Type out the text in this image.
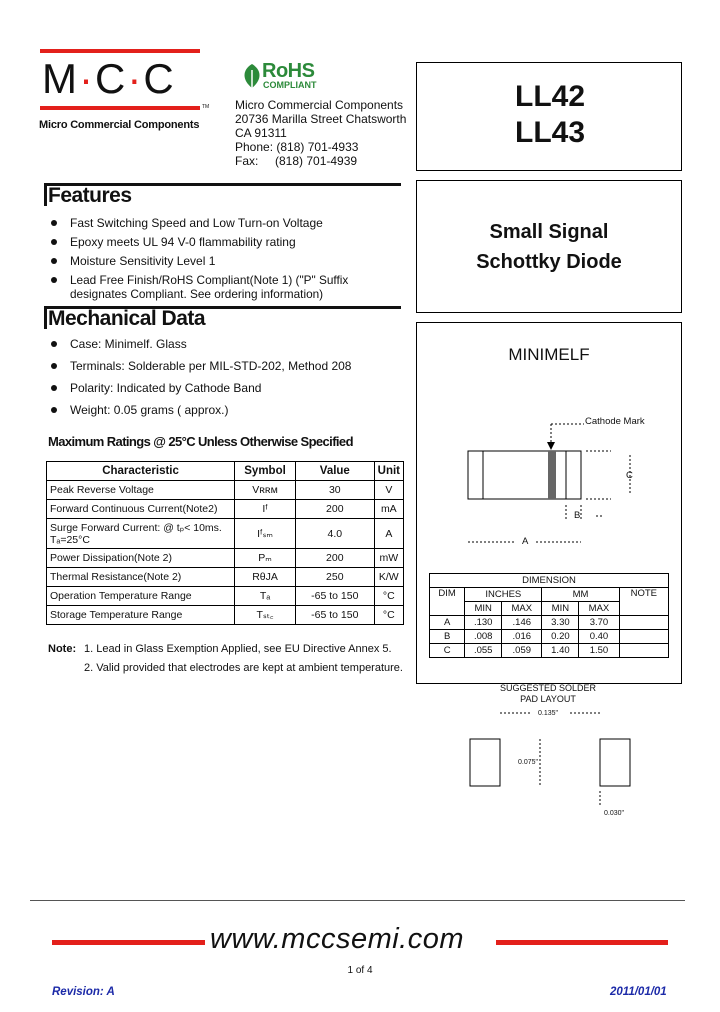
M·C·C
TM
Micro Commercial Components
RoHS
COMPLIANT
Micro Commercial Components
20736 Marilla Street Chatsworth
CA 91311
Phone: (818) 701-4933
Fax:     (818) 701-4939
LL42
LL43
Small Signal
Schottky Diode
Features
Fast Switching Speed and Low Turn-on Voltage
Epoxy meets UL 94 V-0 flammability rating
Moisture Sensitivity Level 1
Lead Free Finish/RoHS Compliant(Note 1) ("P" Suffix designates Compliant. See ordering information)
Mechanical Data
Case: Minimelf. Glass
Terminals: Solderable per MIL-STD-202, Method 208
Polarity: Indicated by Cathode Band
Weight: 0.05 grams ( approx.)
Maximum Ratings @ 25°C Unless Otherwise Specified
Characteristic	Symbol	Value	Unit
Peak Reverse Voltage	Vʀʀᴍ	30	V
Forward Continuous Current(Note2)	Iᶠ	200	mA

Surge Forward Current: @ tₚ< 10ms.
Tₐ=25°C	Iᶠₛₘ	4.0	A
Power Dissipation(Note 2)	Pₘ	200	mW
Thermal Resistance(Note 2)	RθJA	250	K/W
Operation Temperature Range	Tₐ	-65 to 150	°C
Storage Temperature Range	Tₛₜ꜀	-65 to 150	°C
Note: 1. Lead in Glass Exemption Applied, see EU Directive Annex 5.
2. Valid provided that electrodes are kept at ambient temperature.
MINIMELF
Cathode Mark
C
B
A
DIMENSION					
DIM	INCHES		MM		NOTE
	MIN	MAX	MIN	MAX	
A	.130	.146	3.30	3.70	
B	.008	.016	0.20	0.40	
C	.055	.059	1.40	1.50	
SUGGESTED SOLDER
PAD LAYOUT
0.135"
0.075"
0.030"
www.mccsemi.com
1 of 4
Revision: A	2011/01/01
